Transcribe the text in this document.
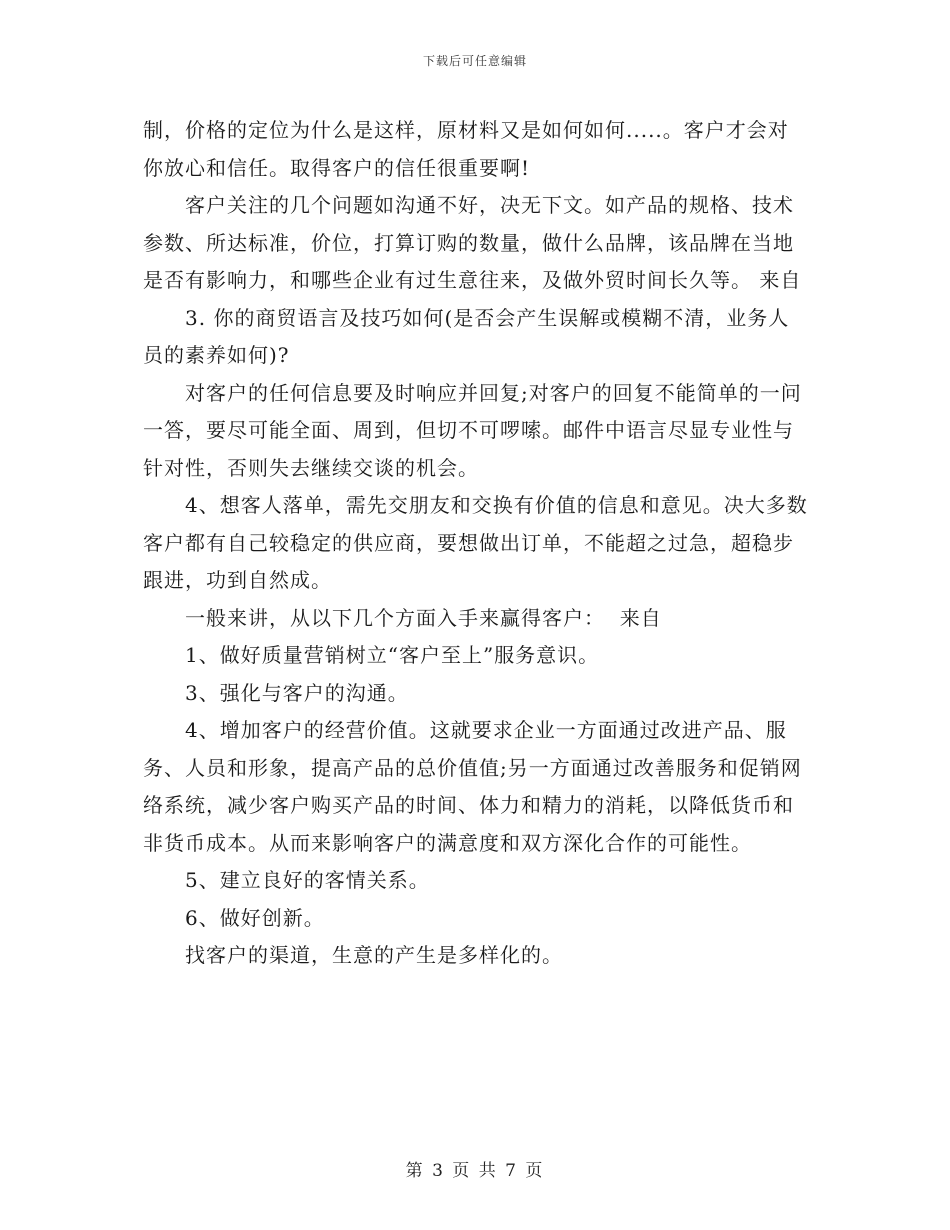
下载后可任意编辑

制，价格的定位为什么是这样，原材料又是如何如何.....。客户才会对你放心和信任。取得客户的信任很重要啊!

客户关注的几个问题如沟通不好，决无下文。如产品的规格、技术参数、所达标准，价位，打算订购的数量，做什么品牌，该品牌在当地是否有影响力，和哪些企业有过生意往来，及做外贸时间长久等。 来自

3. 你的商贸语言及技巧如何(是否会产生误解或模糊不清，业务人员的素养如何)?

对客户的任何信息要及时响应并回复;对客户的回复不能简单的一问一答，要尽可能全面、周到，但切不可啰嗦。邮件中语言尽显专业性与针对性，否则失去继续交谈的机会。

4、想客人落单，需先交朋友和交换有价值的信息和意见。决大多数客户都有自己较稳定的供应商，要想做出订单，不能超之过急，超稳步跟进，功到自然成。

一般来讲，从以下几个方面入手来赢得客户：  来自

1、做好质量营销树立“客户至上”服务意识。

3、强化与客户的沟通。

4、增加客户的经营价值。这就要求企业一方面通过改进产品、服务、人员和形象，提高产品的总价值值;另一方面通过改善服务和促销网络系统，减少客户购买产品的时间、体力和精力的消耗，以降低货币和非货币成本。从而来影响客户的满意度和双方深化合作的可能性。

5、建立良好的客情关系。

6、做好创新。

找客户的渠道，生意的产生是多样化的。

第 3 页 共 7 页
